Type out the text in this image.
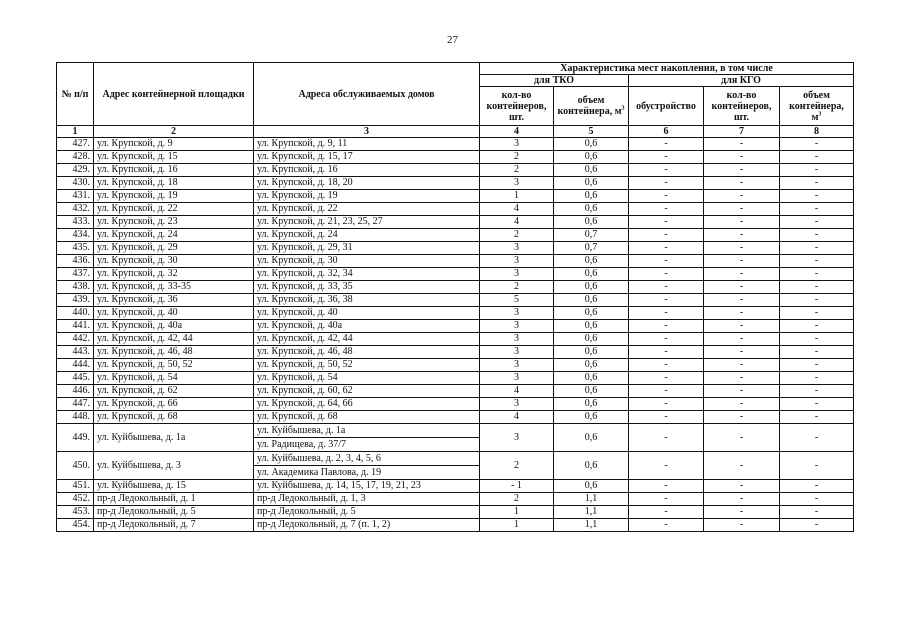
27
№ п/п	Адрес контейнерной площадки	Адреса обслуживаемых домов	Характеристика мест накопления, в том числе				
			для ТКО		для КГО		
			кол-во контейнеров, шт.	объем контейнера, $м^3$	обустройство	кол-во контейнеров, шт.	объем контейнера, $м^3$
1	2	3	4	5	6	7	8
427.	ул. Крупской, д. 9	ул. Крупской, д. 9, 11	3	0,6	-	-	-
428.	ул. Крупской, д. 15	ул. Крупской, д. 15, 17	2	0,6	-	-	-
429.	ул. Крупской, д. 16	ул. Крупской, д. 16	2	0,6	-	-	-
430.	ул. Крупской, д. 18	ул. Крупской, д. 18, 20	3	0,6	-	-	-
431.	ул. Крупской, д. 19	ул. Крупской, д. 19	1	0,6	-	-	-
432.	ул. Крупской, д. 22	ул. Крупской, д. 22	4	0,6	-	-	-
433.	ул. Крупской, д. 23	ул. Крупской, д. 21, 23, 25, 27	4	0,6	-	-	-
434.	ул. Крупской, д. 24	ул. Крупской, д. 24	2	0,7	-	-	-
435.	ул. Крупской, д. 29	ул. Крупской, д. 29, 31	3	0,7	-	-	-
436.	ул. Крупской, д. 30	ул. Крупской, д. 30	3	0,6	-	-	-
437.	ул. Крупской, д. 32	ул. Крупской, д. 32, 34	3	0,6	-	-	-
438.	ул. Крупской, д. 33-35	ул. Крупской, д. 33, 35	2	0,6	-	-	-
439.	ул. Крупской, д. 36	ул. Крупской, д. 36, 38	5	0,6	-	-	-
440.	ул. Крупской, д. 40	ул. Крупской, д. 40	3	0,6	-	-	-
441.	ул. Крупской, д. 40а	ул. Крупской, д. 40а	3	0,6	-	-	-
442.	ул. Крупской, д. 42, 44	ул. Крупской, д. 42, 44	3	0,6	-	-	-
443.	ул. Крупской, д. 46, 48	ул. Крупской, д. 46, 48	3	0,6	-	-	-
444.	ул. Крупской, д. 50, 52	ул. Крупской, д. 50, 52	3	0,6	-	-	-
445.	ул. Крупской, д. 54	ул. Крупской, д. 54	3	0,6	-	-	-
446.	ул. Крупской, д. 62	ул. Крупской, д. 60, 62	4	0,6	-	-	-
447.	ул. Крупской, д. 66	ул. Крупской, д. 64, 66	3	0,6	-	-	-
448.	ул. Крупской, д. 68	ул. Крупской, д. 68	4	0,6	-	-	-
449.	ул. Куйбышева, д. 1а	ул. Куйбышева, д. 1а
ул. Радищева, д. 37/7	3	0,6	-	-	-
450.	ул. Куйбышева, д. 3	ул. Куйбышева, д. 2, 3, 4, 5, 6
ул. Академика Павлова, д. 19	2	0,6	-	-	-
451.	ул. Куйбышева, д. 15	ул. Куйбышева, д. 14, 15, 17, 19, 21, 23	- 1	0,6	-	-	-
452.	пр-д Ледокольный, д. 1	пр-д Ледокольный, д. 1, 3	2	1,1	-	-	-
453.	пр-д Ледокольный, д. 5	пр-д Ледокольный, д. 5	1	1,1	-	-	-
454.	пр-д Ледокольный, д. 7	пр-д Ледокольный, д. 7 (п. 1, 2)	1	1,1	-	-	-
